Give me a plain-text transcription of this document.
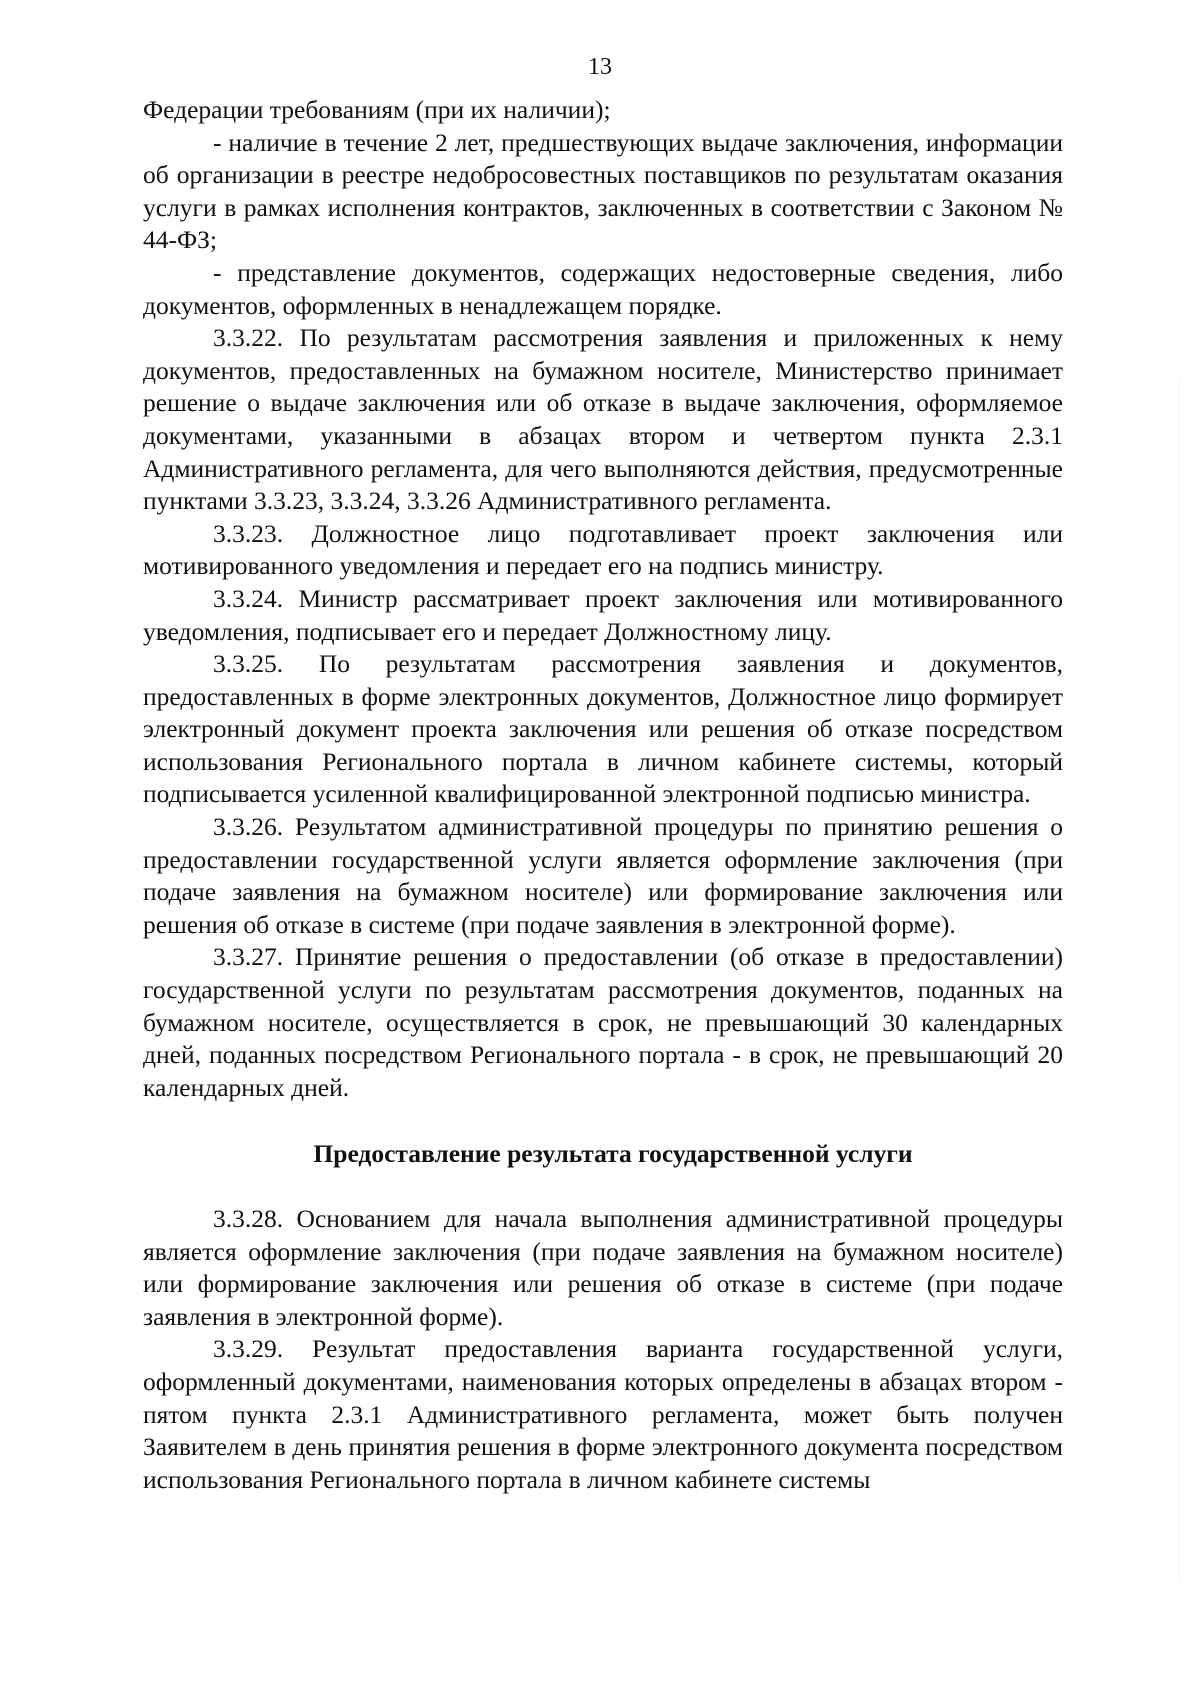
13

Федерации требованиям (при их наличии);

- наличие в течение 2 лет, предшествующих выдаче заключения, информации об организации в реестре недобросовестных поставщиков по результатам оказания услуги в рамках исполнения контрактов, заключенных в соответствии с Законом № 44-ФЗ;

- представление документов, содержащих недостоверные сведения, либо документов, оформленных в ненадлежащем порядке.

3.3.22. По результатам рассмотрения заявления и приложенных к нему документов, предоставленных на бумажном носителе, Министерство принимает решение о выдаче заключения или об отказе в выдаче заключения, оформляемое документами, указанными в абзацах втором и четвертом пункта 2.3.1 Административного регламента, для чего выполняются действия, предусмотренные пунктами 3.3.23, 3.3.24, 3.3.26 Административного регламента.

3.3.23. Должностное лицо подготавливает проект заключения или мотивированного уведомления и передает его на подпись министру.

3.3.24. Министр рассматривает проект заключения или мотивированного уведомления, подписывает его и передает Должностному лицу.

3.3.25. По результатам рассмотрения заявления и документов, предоставленных в форме электронных документов, Должностное лицо формирует электронный документ проекта заключения или решения об отказе посредством использования Регионального портала в личном кабинете системы, который подписывается усиленной квалифицированной электронной подписью министра.

3.3.26. Результатом административной процедуры по принятию решения о предоставлении государственной услуги является оформление заключения (при подаче заявления на бумажном носителе) или формирование заключения или решения об отказе в системе (при подаче заявления в электронной форме).

3.3.27. Принятие решения о предоставлении (об отказе в предоставлении) государственной услуги по результатам рассмотрения документов, поданных на бумажном носителе, осуществляется в срок, не превышающий 30 календарных дней, поданных посредством Регионального портала - в срок, не превышающий 20 календарных дней.

Предоставление результата государственной услуги

3.3.28. Основанием для начала выполнения административной процедуры является оформление заключения (при подаче заявления на бумажном носителе) или формирование заключения или решения об отказе в системе (при подаче заявления в электронной форме).

3.3.29. Результат предоставления варианта государственной услуги, оформленный документами, наименования которых определены в абзацах втором - пятом пункта 2.3.1 Административного регламента, может быть получен Заявителем в день принятия решения в форме электронного документа посредством использования Регионального портала в личном кабинете системы
